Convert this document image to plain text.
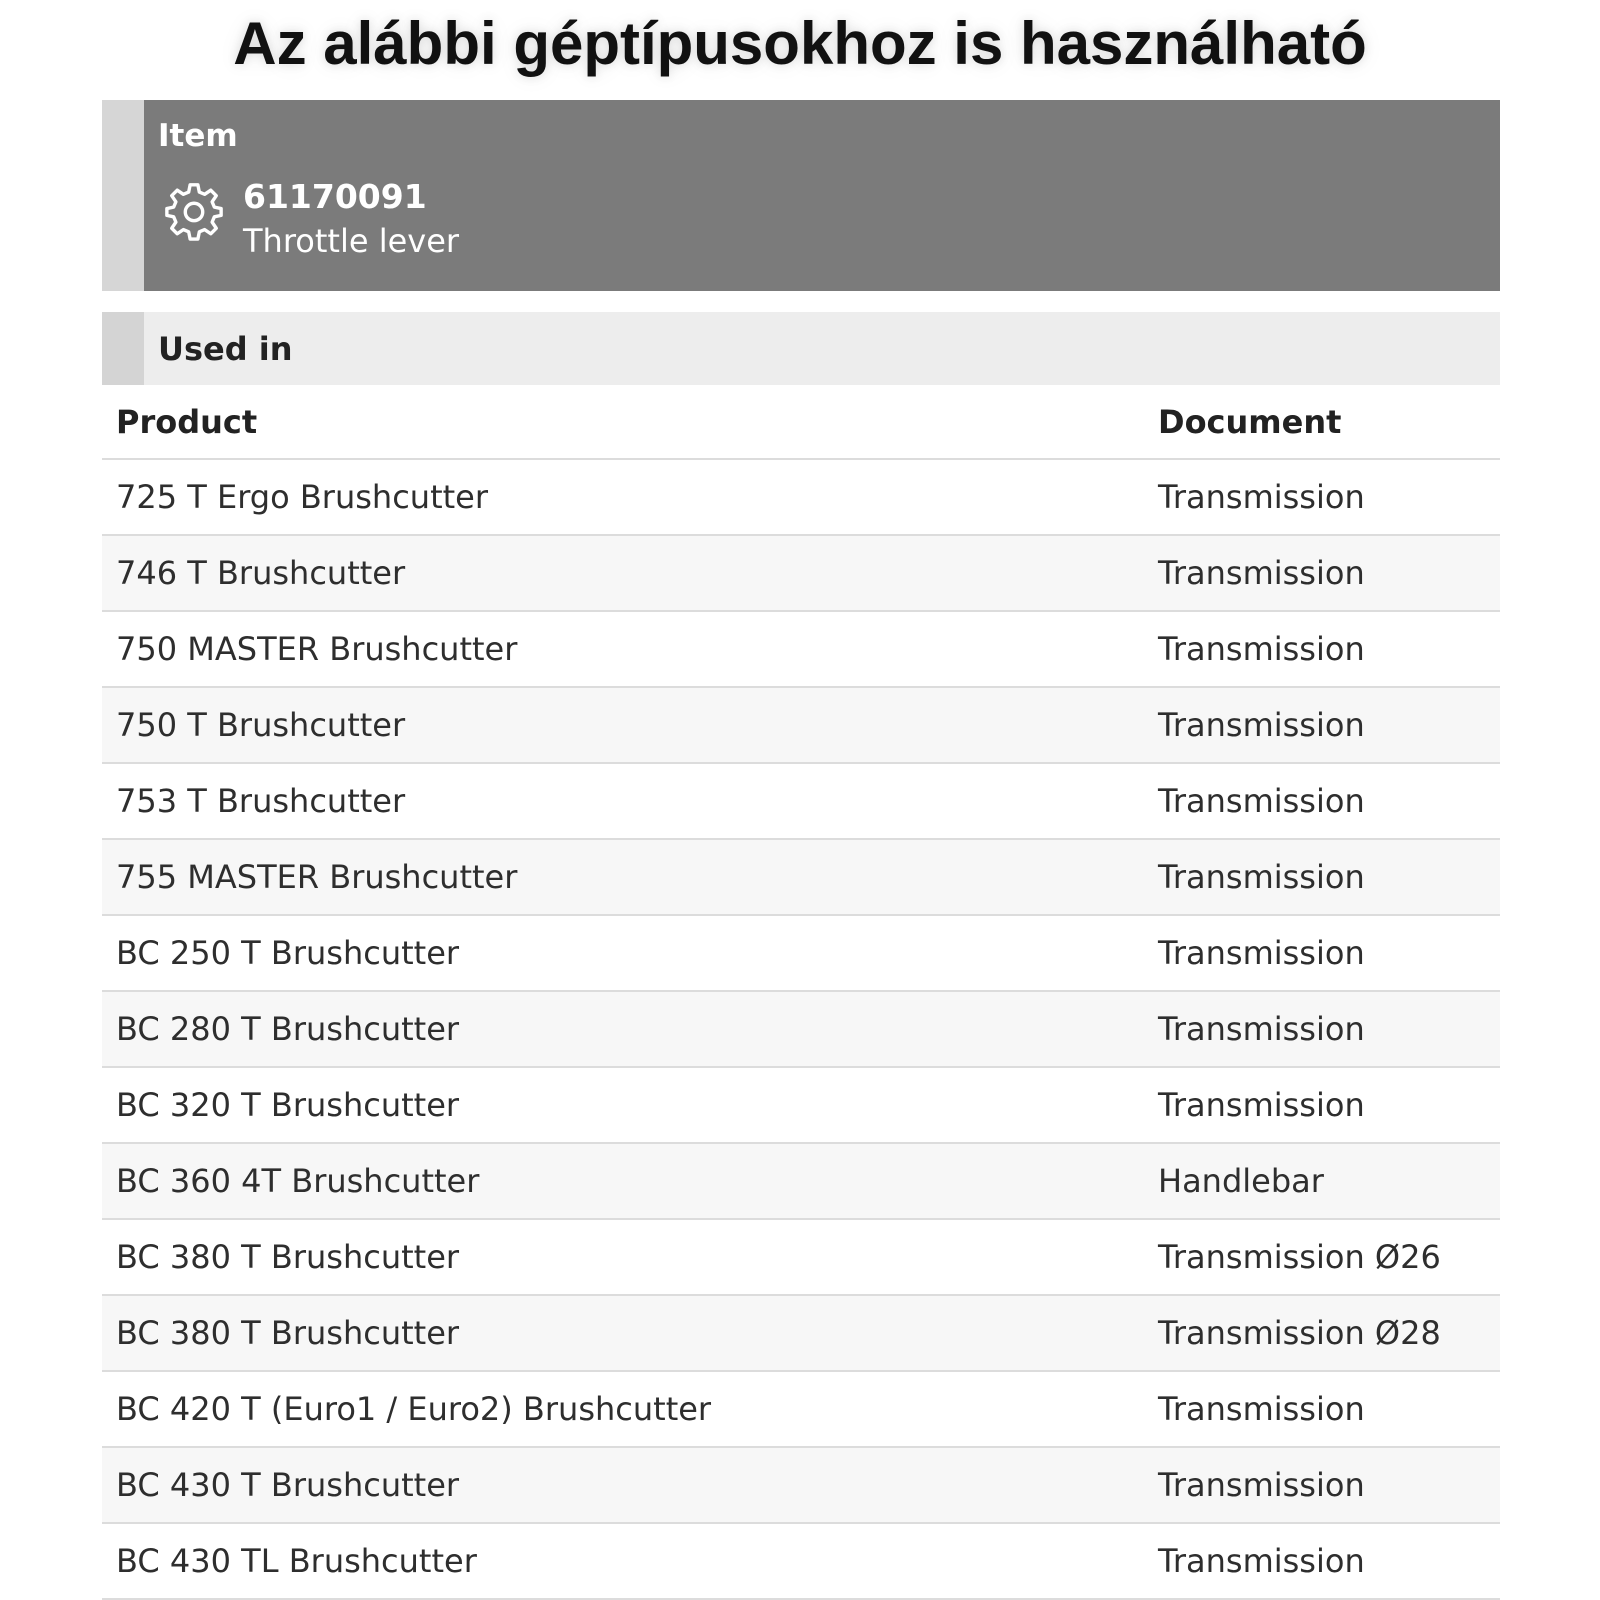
Az alábbi géptípusokhoz is használható
Item
61170091
Throttle lever
Used in
Product	Document
725 T Ergo Brushcutter	Transmission
746 T Brushcutter	Transmission
750 MASTER Brushcutter	Transmission
750 T Brushcutter	Transmission
753 T Brushcutter	Transmission
755 MASTER Brushcutter	Transmission
BC 250 T Brushcutter	Transmission
BC 280 T Brushcutter	Transmission
BC 320 T Brushcutter	Transmission
BC 360 4T Brushcutter	Handlebar
BC 380 T Brushcutter	Transmission Ø26
BC 380 T Brushcutter	Transmission Ø28
BC 420 T (Euro1 / Euro2) Brushcutter	Transmission
BC 430 T Brushcutter	Transmission
BC 430 TL Brushcutter	Transmission
